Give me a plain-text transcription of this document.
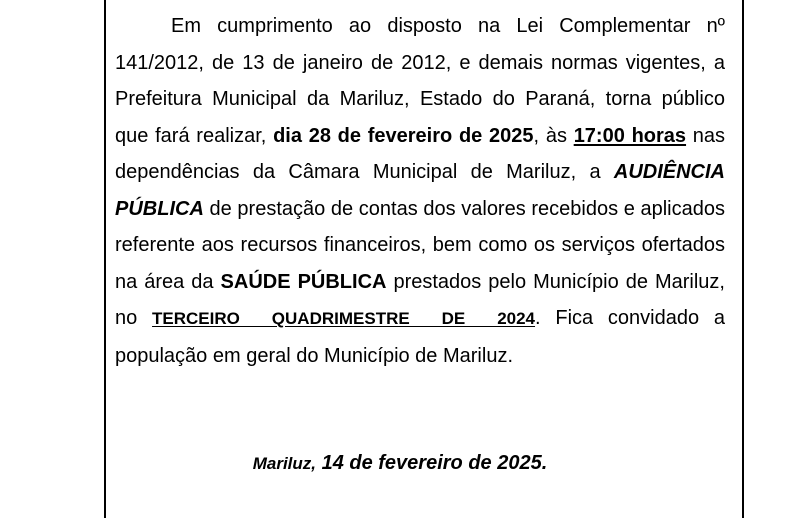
Em cumprimento ao disposto na Lei Complementar nº 141/2012, de 13 de janeiro de 2012, e demais normas vigentes, a Prefeitura Municipal da Mariluz, Estado do Paraná, torna público que fará realizar, dia 28 de fevereiro de 2025, às 17:00 horas nas dependências da Câmara Municipal de Mariluz, a AUDIÊNCIA PÚBLICA de prestação de contas dos valores recebidos e aplicados referente aos recursos financeiros, bem como os serviços ofertados na área da SAÚDE PÚBLICA prestados pelo Município de Mariluz, no TERCEIRO QUADRIMESTRE DE 2024. Fica convidado a população em geral do Município de Mariluz.

Mariluz, 14 de fevereiro de 2025.
